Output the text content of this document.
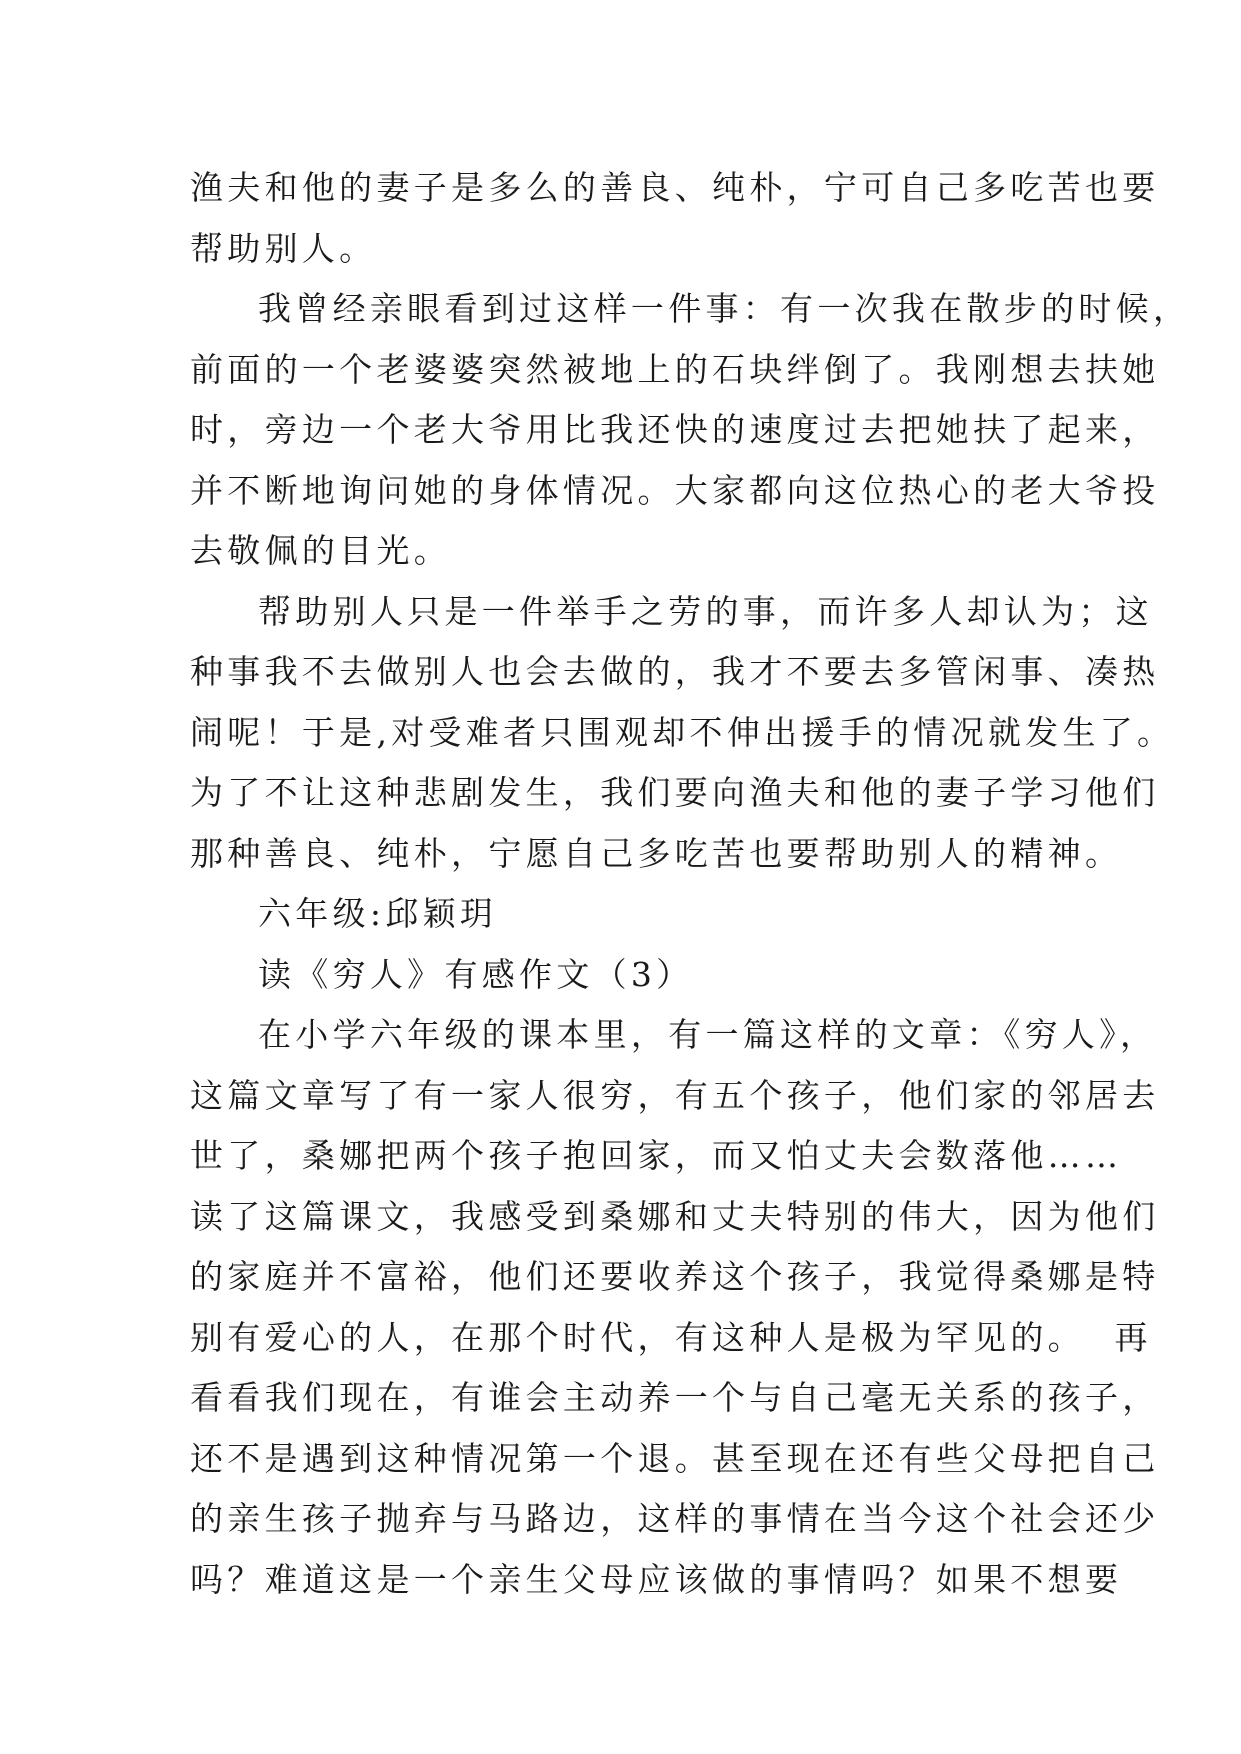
渔夫和他的妻子是多么的善良、纯朴，宁可自己多吃苦也要
帮助别人。
我曾经亲眼看到过这样一件事：有一次我在散步的时候，
前面的一个老婆婆突然被地上的石块绊倒了。我刚想去扶她
时，旁边一个老大爷用比我还快的速度过去把她扶了起来，
并不断地询问她的身体情况。大家都向这位热心的老大爷投
去敬佩的目光。
帮助别人只是一件举手之劳的事，而许多人却认为；这
种事我不去做别人也会去做的，我才不要去多管闲事、凑热
闹呢！于是,对受难者只围观却不伸出援手的情况就发生了。
为了不让这种悲剧发生，我们要向渔夫和他的妻子学习他们
那种善良、纯朴，宁愿自己多吃苦也要帮助别人的精神。
六年级:邱颖玥
读《穷人》有感作文（3）
在小学六年级的课本里，有一篇这样的文章：《穷人》，
这篇文章写了有一家人很穷，有五个孩子，他们家的邻居去
世了，桑娜把两个孩子抱回家，而又怕丈夫会数落他……
读了这篇课文，我感受到桑娜和丈夫特别的伟大，因为他们
的家庭并不富裕，他们还要收养这个孩子，我觉得桑娜是特
别有爱心的人，在那个时代，有这种人是极为罕见的。  再
看看我们现在，有谁会主动养一个与自己毫无关系的孩子，
还不是遇到这种情况第一个退。甚至现在还有些父母把自己
的亲生孩子抛弃与马路边，这样的事情在当今这个社会还少
吗？难道这是一个亲生父母应该做的事情吗？如果不想要
